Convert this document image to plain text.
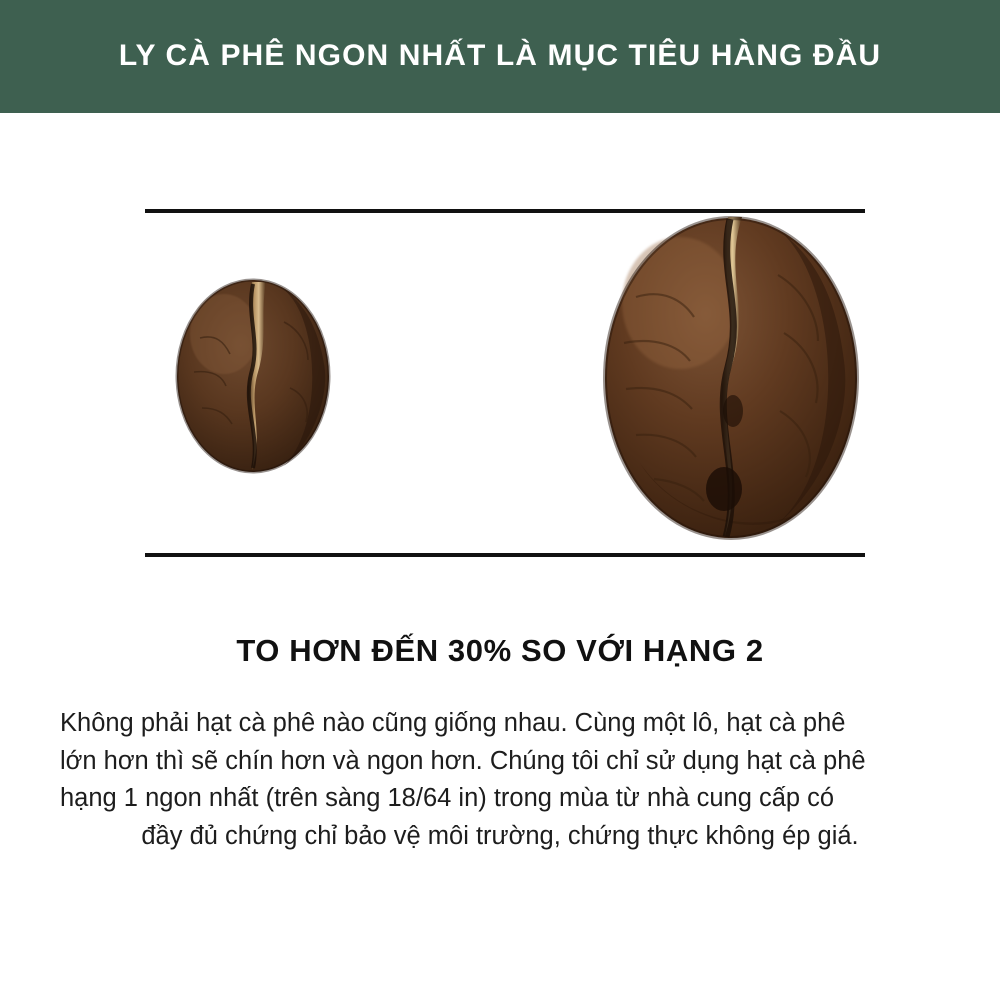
LY CÀ PHÊ NGON NHẤT LÀ MỤC TIÊU HÀNG ĐẦU
TO HƠN ĐẾN 30% SO VỚI HẠNG 2
Không phải hạt cà phê nào cũng giống nhau. Cùng một lô, hạt cà phê
lớn hơn thì sẽ chín hơn và ngon hơn. Chúng tôi chỉ sử dụng hạt cà phê
hạng 1 ngon nhất (trên sàng 18/64 in) trong mùa từ nhà cung cấp có
đầy đủ chứng chỉ bảo vệ môi trường, chứng thực không ép giá.
